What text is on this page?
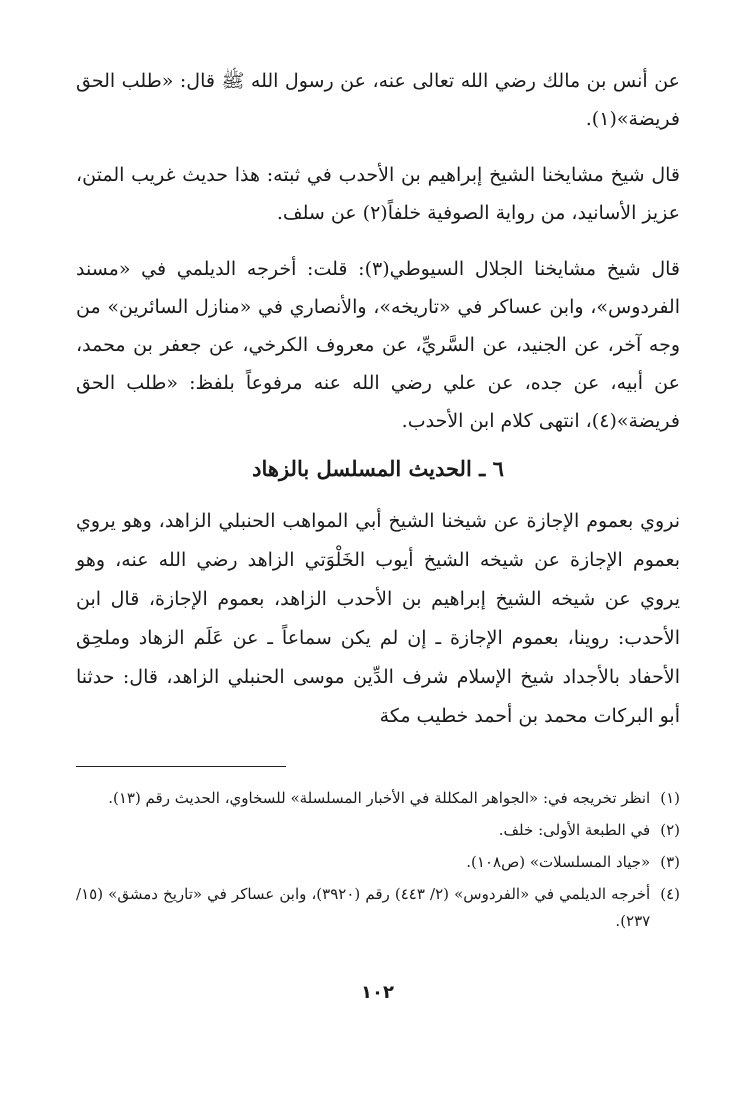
عن أنس بن مالك رضي الله تعالى عنه، عن رسول الله ﷺ قال: «طلب الحق فريضة»(١).

قال شيخ مشايخنا الشيخ إبراهيم بن الأحدب في ثبته: هذا حديث غريب المتن، عزيز الأسانيد، من رواية الصوفية خلفاً(٢) عن سلف.

قال شيخ مشايخنا الجلال السيوطي(٣): قلت: أخرجه الديلمي في «مسند الفردوس»، وابن عساكر في «تاريخه»، والأنصاري في «منازل السائرين» من وجه آخر، عن الجنيد، عن السَّريِّ، عن معروف الكرخي، عن جعفر بن محمد، عن أبيه، عن جده، عن علي رضي الله عنه مرفوعاً بلفظ: «طلب الحق فريضة»(٤)، انتهى كلام ابن الأحدب.

٦ ـ الحديث المسلسل بالزهاد

نروي بعموم الإجازة عن شيخنا الشيخ أبي المواهب الحنبلي الزاهد، وهو يروي بعموم الإجازة عن شيخه الشيخ أيوب الخَلْوَتي الزاهد رضي الله عنه، وهو يروي عن شيخه الشيخ إبراهيم بن الأحدب الزاهد، بعموم الإجازة، قال ابن الأحدب: روينا، بعموم الإجازة ـ إن لم يكن سماعاً ـ عن عَلَم الزهاد وملحِق الأحفاد بالأجداد شيخ الإسلام شرف الدِّين موسى الحنبلي الزاهد، قال: حدثنا أبو البركات محمد بن أحمد خطيب مكة

(١)
انظر تخريجه في: «الجواهر المكللة في الأخبار المسلسلة» للسخاوي، الحديث رقم (١٣).
(٢)
في الطبعة الأولى: خلف.
(٣)
«جياد المسلسلات» (ص١٠٨).
(٤)
أخرجه الديلمي في «الفردوس» (٢/ ٤٤٣) رقم (٣٩٢٠)، وابن عساكر في «تاريخ دمشق» (١٥/ ٢٣٧).
١٠٢
